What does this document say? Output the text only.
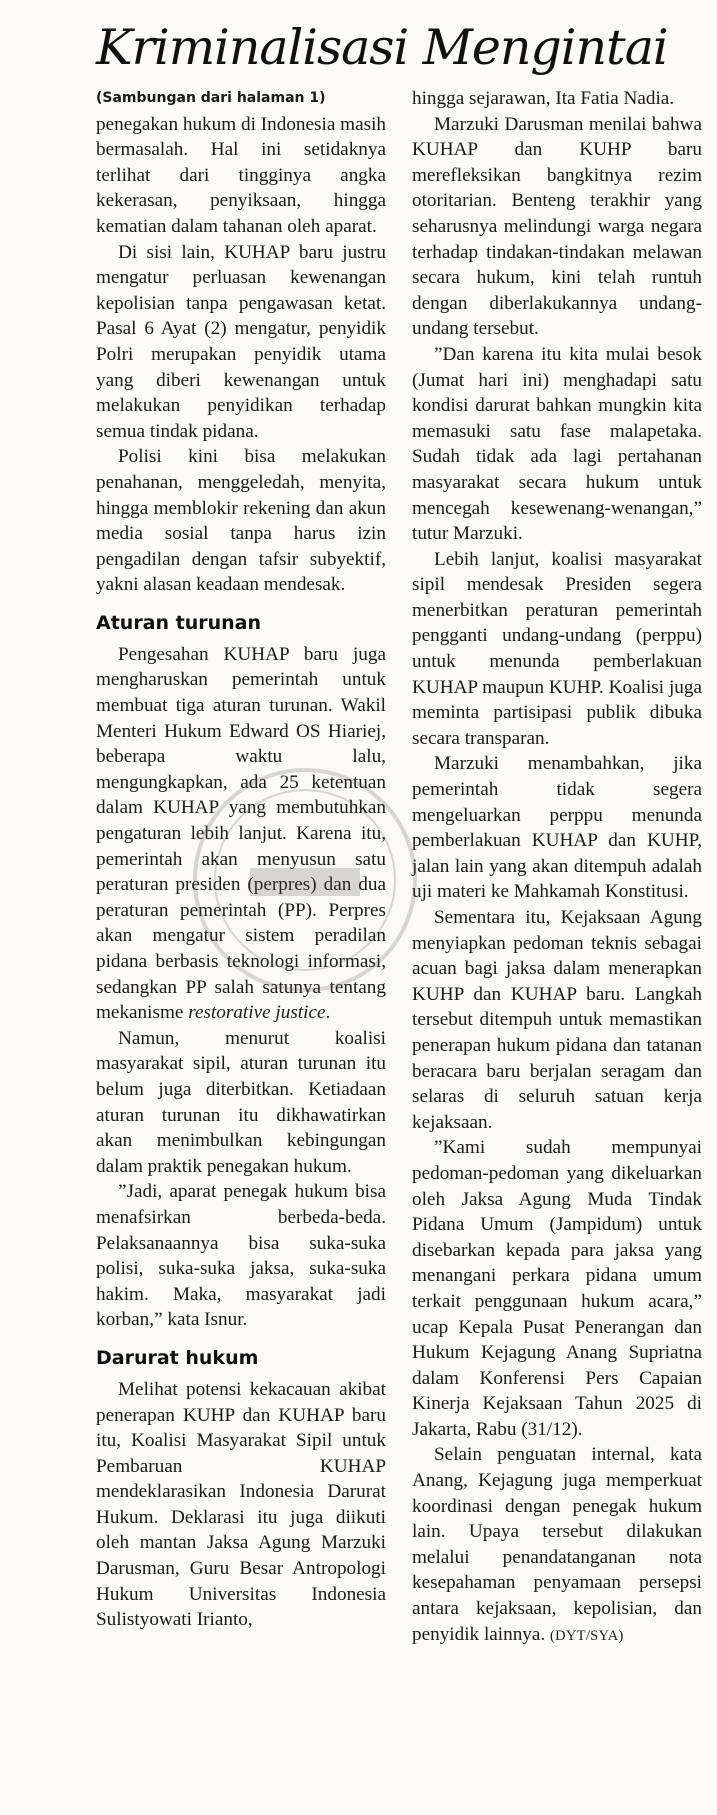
Kriminalisasi Mengintai

(Sambungan dari halaman 1)

penegakan hukum di Indonesia masih bermasalah. Hal ini setidaknya terlihat dari tingginya angka kekerasan, penyiksaan, hingga kematian dalam tahanan oleh aparat.

Di sisi lain, KUHAP baru justru mengatur perluasan kewenangan kepolisian tanpa pengawasan ketat. Pasal 6 Ayat (2) mengatur, penyidik Polri merupakan penyidik utama yang diberi kewenangan untuk melakukan penyidikan terhadap semua tindak pidana.

Polisi kini bisa melakukan penahanan, menggeledah, menyita, hingga memblokir rekening dan akun media sosial tanpa harus izin pengadilan dengan tafsir subyektif, yakni alasan keadaan mendesak.

Aturan turunan

Pengesahan KUHAP baru juga mengharuskan pemerintah untuk membuat tiga aturan turunan. Wakil Menteri Hukum Edward OS Hiariej, beberapa waktu lalu, mengungkapkan, ada 25 ketentuan dalam KUHAP yang membutuhkan pengaturan lebih lanjut. Karena itu, pemerintah akan menyusun satu peraturan presiden (perpres) dan dua peraturan pemerintah (PP). Perpres akan mengatur sistem peradilan pidana berbasis teknologi informasi, sedangkan PP salah satunya tentang mekanisme restorative justice.

Namun, menurut koalisi masyarakat sipil, aturan turunan itu belum juga diterbitkan. Ketiadaan aturan turunan itu dikhawatirkan akan menimbulkan kebingungan dalam praktik penegakan hukum.

”Jadi, aparat penegak hukum bisa menafsirkan berbeda-beda. Pelaksanaannya bisa suka-suka polisi, suka-suka jaksa, suka-suka hakim. Maka, masyarakat jadi korban,” kata Isnur.

Darurat hukum

Melihat potensi kekacauan akibat penerapan KUHP dan KUHAP baru itu, Koalisi Masyarakat Sipil untuk Pembaruan KUHAP mendeklarasikan Indonesia Darurat Hukum. Deklarasi itu juga diikuti oleh mantan Jaksa Agung Marzuki Darusman, Guru Besar Antropologi Hukum Universitas Indonesia Sulistyowati Irianto,

hingga sejarawan, Ita Fatia Nadia.

Marzuki Darusman menilai bahwa KUHAP dan KUHP baru merefleksikan bangkitnya rezim otoritarian. Benteng terakhir yang seharusnya melindungi warga negara terhadap tindakan-tindakan melawan secara hukum, kini telah runtuh dengan diberlakukannya undang-undang tersebut.

”Dan karena itu kita mulai besok (Jumat hari ini) menghadapi satu kondisi darurat bahkan mungkin kita memasuki satu fase malapetaka. Sudah tidak ada lagi pertahanan masyarakat secara hukum untuk mencegah kesewenang-wenangan,” tutur Marzuki.

Lebih lanjut, koalisi masyarakat sipil mendesak Presiden segera menerbitkan peraturan pemerintah pengganti undang-undang (perppu) untuk menunda pemberlakuan KUHAP maupun KUHP. Koalisi juga meminta partisipasi publik dibuka secara transparan.

Marzuki menambahkan, jika pemerintah tidak segera mengeluarkan perppu menunda pemberlakuan KUHAP dan KUHP, jalan lain yang akan ditempuh adalah uji materi ke Mahkamah Konstitusi.

Sementara itu, Kejaksaan Agung menyiapkan pedoman teknis sebagai acuan bagi jaksa dalam menerapkan KUHP dan KUHAP baru. Langkah tersebut ditempuh untuk memastikan penerapan hukum pidana dan tatanan beracara baru berjalan seragam dan selaras di seluruh satuan kerja kejaksaan.

”Kami sudah mempunyai pedoman-pedoman yang dikeluarkan oleh Jaksa Agung Muda Tindak Pidana Umum (Jampidum) untuk disebarkan kepada para jaksa yang menangani perkara pidana umum terkait penggunaan hukum acara,” ucap Kepala Pusat Penerangan dan Hukum Kejagung Anang Supriatna dalam Konferensi Pers Capaian Kinerja Kejaksaan Tahun 2025 di Jakarta, Rabu (31/12).

Selain penguatan internal, kata Anang, Kejagung juga memperkuat koordinasi dengan penegak hukum lain. Upaya tersebut dilakukan melalui penandatanganan nota kesepahaman penyamaan persepsi antara kejaksaan, kepolisian, dan penyidik lainnya. (DYT/SYA)
